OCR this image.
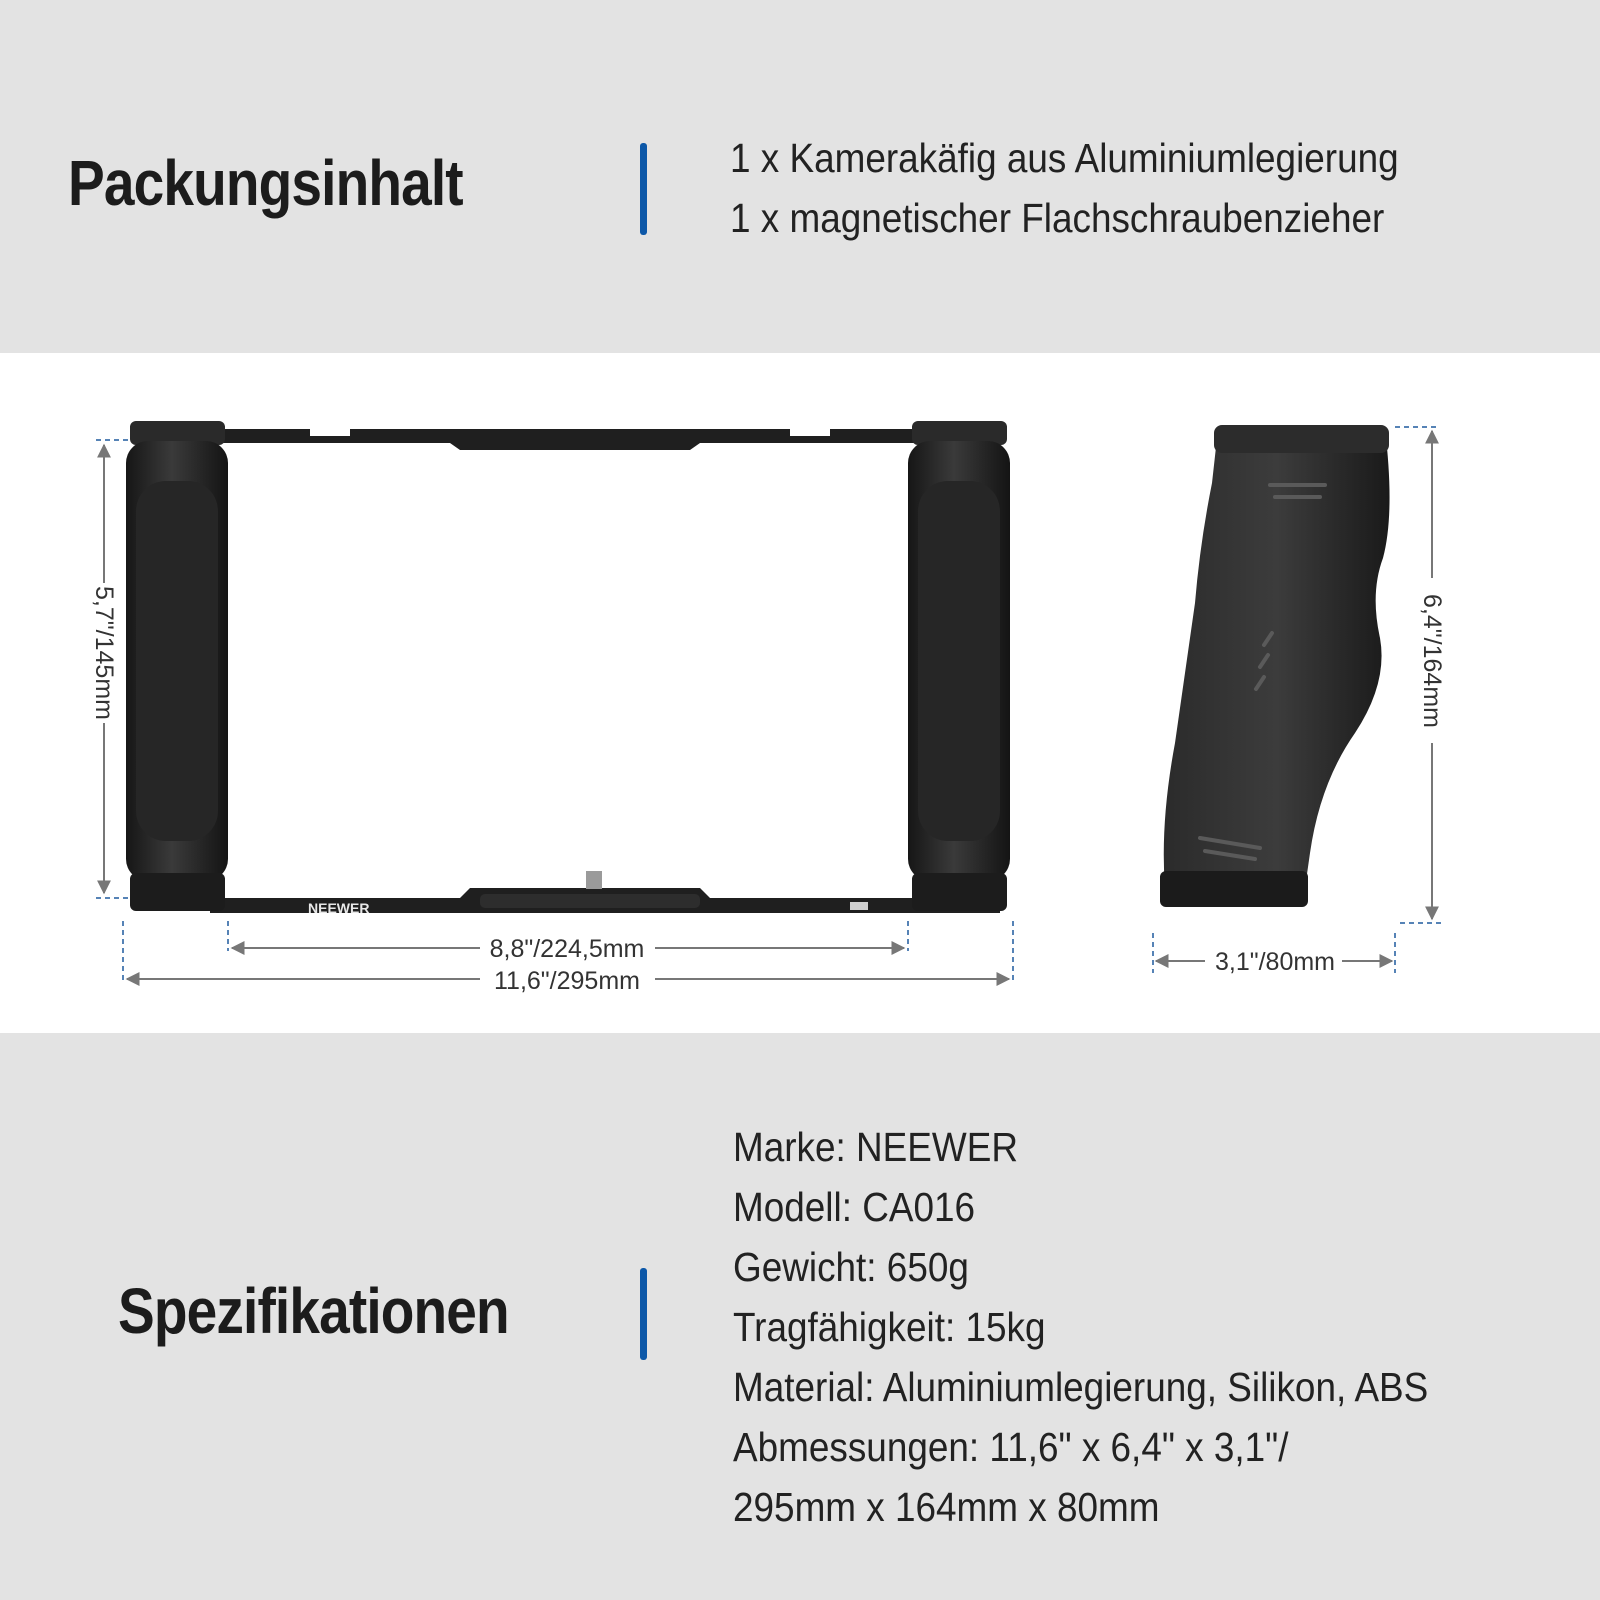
Packungsinhalt	1 x Kamerakäfig aus Aluminiumlegierung
1 x magnetischer Flachschraubenzieher
NEEWER
5,7"/145mm
8,8"/224,5mm
11,6"/295mm
6,4"/164mm
3,1"/80mm
Spezifikationen
Marke: NEEWER
Modell: CA016
Gewicht: 650g
Tragfähigkeit: 15kg
Material: Aluminiumlegierung, Silikon, ABS
Abmessungen: 11,6" x 6,4" x 3,1"/
295mm x 164mm x 80mm
